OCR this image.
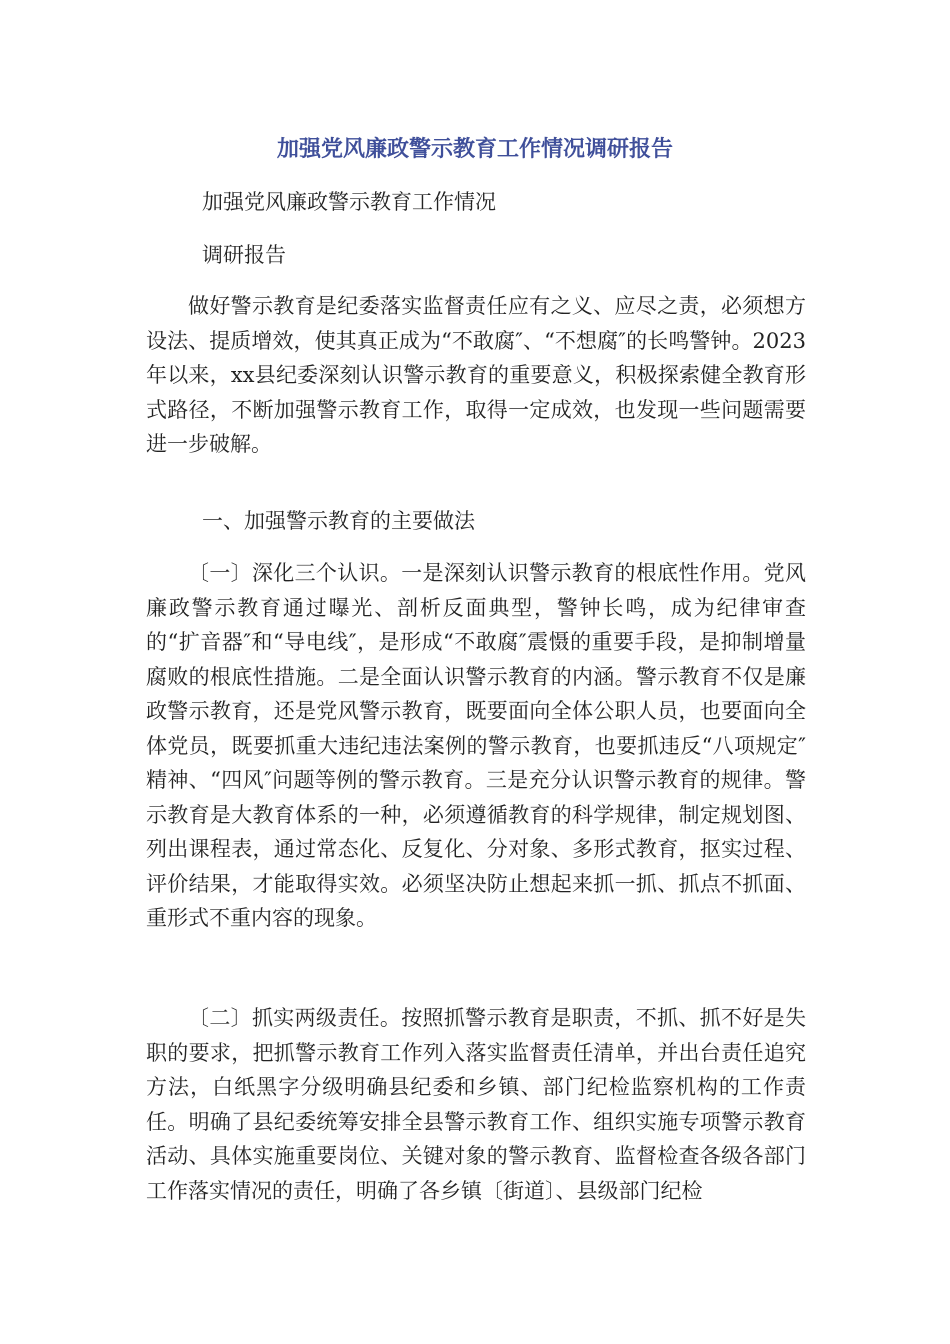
加强党风廉政警示教育工作情况调研报告

加强党风廉政警示教育工作情况

调研报告

做好警示教育是纪委落实监督责任应有之义、应尽之责，必须想方设法、提质增效，使其真正成为“不敢腐″、“不想腐″的长鸣警钟。2023年以来，xx县纪委深刻认识警示教育的重要意义，积极探索健全教育形式路径，不断加强警示教育工作，取得一定成效，也发现一些问题需要进一步破解。

一、加强警示教育的主要做法

〔一〕深化三个认识。一是深刻认识警示教育的根底性作用。党风廉政警示教育通过曝光、剖析反面典型，警钟长鸣，成为纪律审查的“扩音器″和“导电线″，是形成“不敢腐″震慑的重要手段，是抑制增量腐败的根底性措施。二是全面认识警示教育的内涵。警示教育不仅是廉政警示教育，还是党风警示教育，既要面向全体公职人员，也要面向全体党员，既要抓重大违纪违法案例的警示教育，也要抓违反“八项规定″精神、“四风″问题等例的警示教育。三是充分认识警示教育的规律。警示教育是大教育体系的一种，必须遵循教育的科学规律，制定规划图、列出课程表，通过常态化、反复化、分对象、多形式教育，抠实过程、评价结果，才能取得实效。必须坚决防止想起来抓一抓、抓点不抓面、重形式不重内容的现象。

〔二〕抓实两级责任。按照抓警示教育是职责，不抓、抓不好是失职的要求，把抓警示教育工作列入落实监督责任清单，并出台责任追究方法，白纸黑字分级明确县纪委和乡镇、部门纪检监察机构的工作责任。明确了县纪委统筹安排全县警示教育工作、组织实施专项警示教育活动、具体实施重要岗位、关键对象的警示教育、监督检查各级各部门工作落实情况的责任，明确了各乡镇〔街道〕、县级部门纪检
